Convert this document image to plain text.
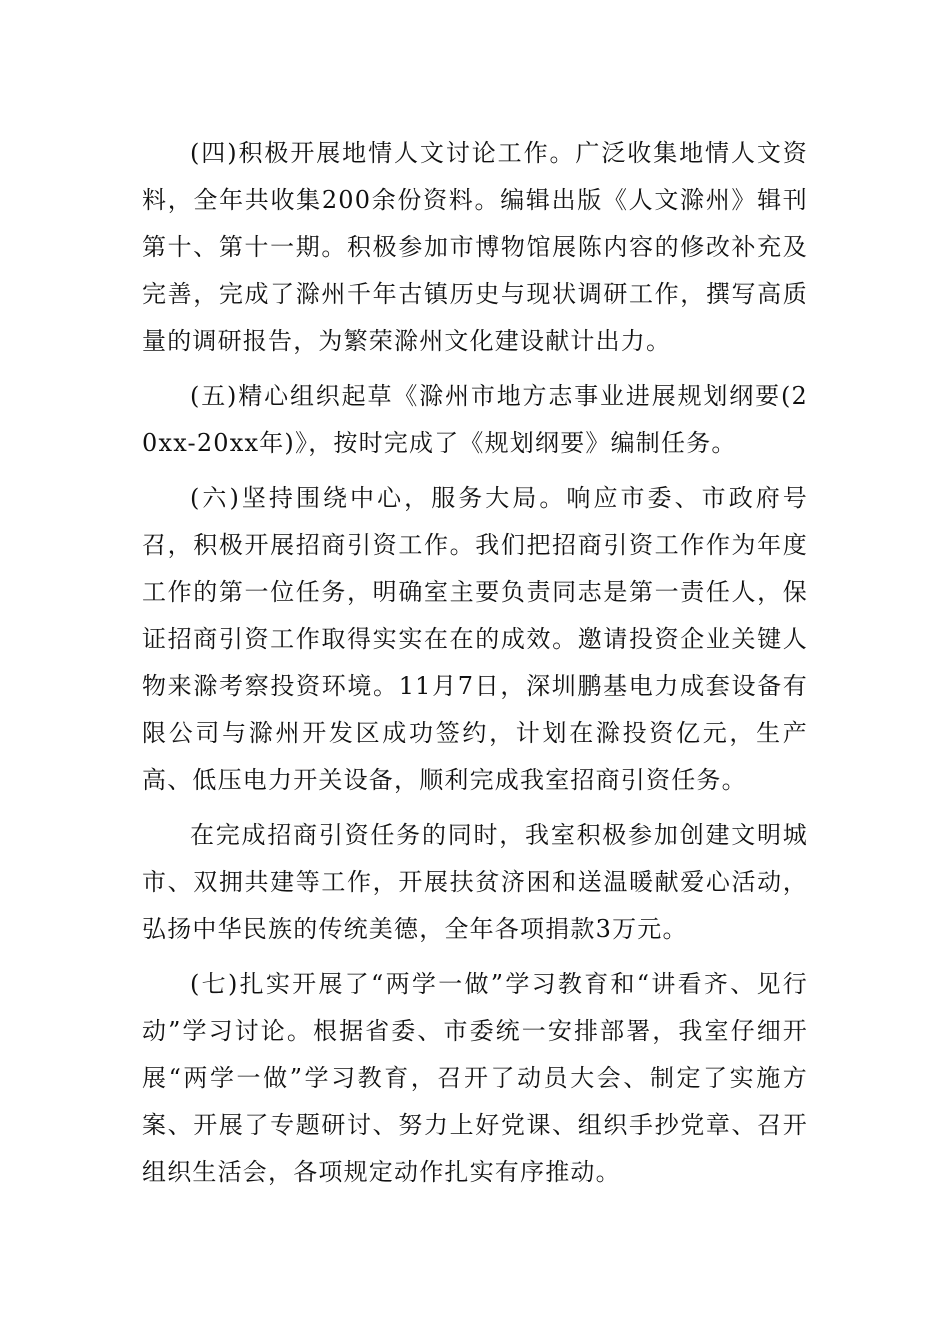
(四)积极开展地情人文讨论工作。广泛收集地情人文资料，全年共收集200余份资料。编辑出版《人文滁州》辑刊第十、第十一期。积极参加市博物馆展陈内容的修改补充及完善，完成了滁州千年古镇历史与现状调研工作，撰写高质量的调研报告，为繁荣滁州文化建设献计出力。

(五)精心组织起草《滁州市地方志事业进展规划纲要(20xx-20xx年)》，按时完成了《规划纲要》编制任务。

(六)坚持围绕中心，服务大局。响应市委、市政府号召，积极开展招商引资工作。我们把招商引资工作作为年度工作的第一位任务，明确室主要负责同志是第一责任人，保证招商引资工作取得实实在在的成效。邀请投资企业关键人物来滁考察投资环境。11月7日，深圳鹏基电力成套设备有限公司与滁州开发区成功签约，计划在滁投资亿元，生产高、低压电力开关设备，顺利完成我室招商引资任务。

在完成招商引资任务的同时，我室积极参加创建文明城市、双拥共建等工作，开展扶贫济困和送温暖献爱心活动，弘扬中华民族的传统美德，全年各项捐款3万元。

(七)扎实开展了“两学一做”学习教育和“讲看齐、见行动”学习讨论。根据省委、市委统一安排部署，我室仔细开展“两学一做”学习教育，召开了动员大会、制定了实施方案、开展了专题研讨、努力上好党课、组织手抄党章、召开组织生活会，各项规定动作扎实有序推动。
